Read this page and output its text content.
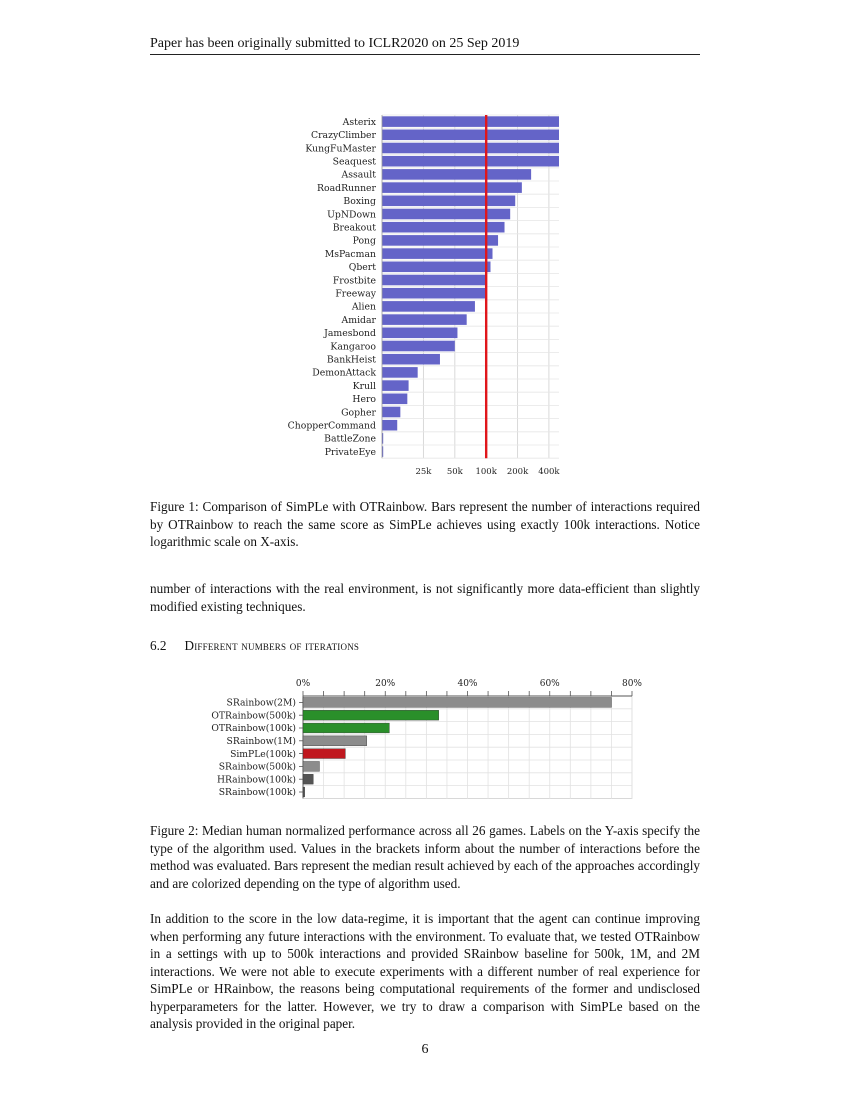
Paper has been originally submitted to ICLR2020 on 25 Sep 2019
Asterix
CrazyClimber
KungFuMaster
Seaquest
Assault
RoadRunner
Boxing
UpNDown
Breakout
Pong
MsPacman
Qbert
Frostbite
Freeway
Alien
Amidar
Jamesbond
Kangaroo
BankHeist
DemonAttack
Krull
Hero
Gopher
ChopperCommand
BattleZone
PrivateEye
25k 50k 100k 200k 400k
Figure 1: Comparison of SimPLe with OTRainbow. Bars represent the number of interactions required by OTRainbow to reach the same score as SimPLe achieves using exactly 100k interactions. Notice logarithmic scale on X-axis.
number of interactions with the real environment, is not significantly more data-efficient than slightly modified existing techniques.
6.2 Different numbers of iterations
0%	20%	40%	60%	80%
SRainbow(2M)
OTRainbow(500k)
OTRainbow(100k)
SRainbow(1M)
SimPLe(100k)
SRainbow(500k)
HRainbow(100k)
SRainbow(100k)
Figure 2: Median human normalized performance across all 26 games. Labels on the Y-axis specify the type of the algorithm used. Values in the brackets inform about the number of interactions before the method was evaluated. Bars represent the median result achieved by each of the approaches accordingly and are colorized depending on the type of algorithm used.
In addition to the score in the low data-regime, it is important that the agent can continue improving when performing any future interactions with the environment. To evaluate that, we tested OTRainbow in a settings with up to 500k interactions and provided SRainbow baseline for 500k, 1M, and 2M interactions. We were not able to execute experiments with a different number of real experience for SimPLe or HRainbow, the reasons being computational requirements of the former and undisclosed hyperparameters for the latter. However, we try to draw a comparison with SimPLe based on the analysis provided in the original paper.
6
